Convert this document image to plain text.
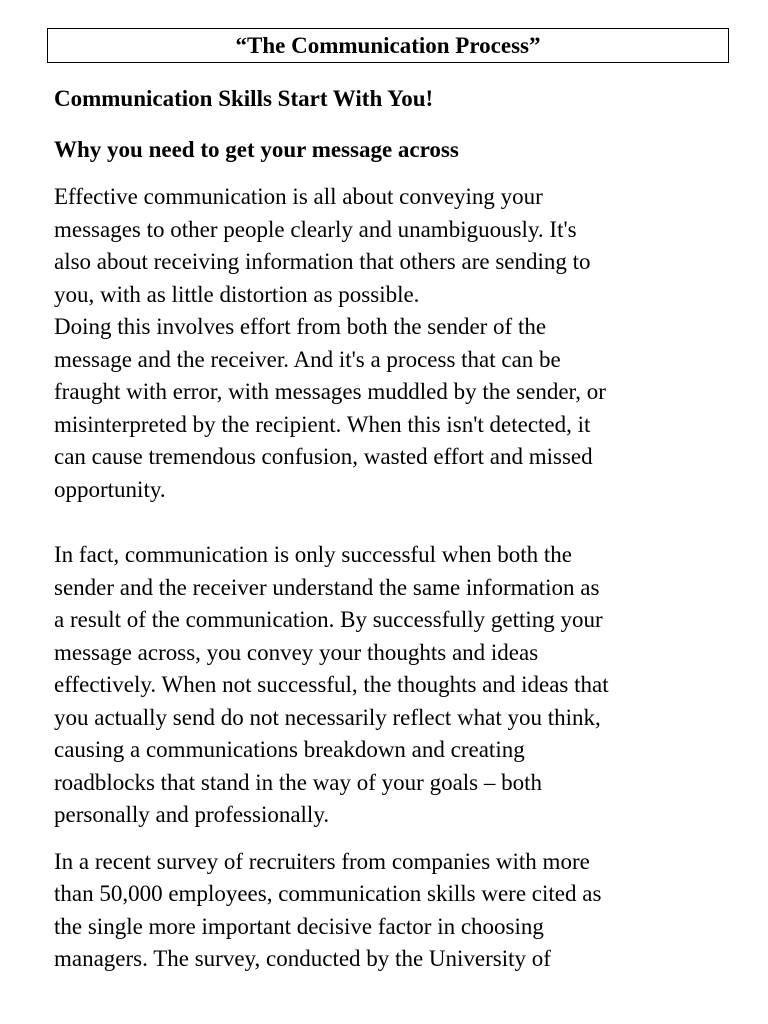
“The Communication Process”
Communication Skills Start With You!
Why you need to get your message across

Effective communication is all about conveying your
messages to other people clearly and unambiguously. It's
also about receiving information that others are sending to
you, with as little distortion as possible.

Doing this involves effort from both the sender of the
message and the receiver. And it's a process that can be
fraught with error, with messages muddled by the sender, or
misinterpreted by the recipient. When this isn't detected, it
can cause tremendous confusion, wasted effort and missed
opportunity.

In fact, communication is only successful when both the
sender and the receiver understand the same information as
a result of the communication. By successfully getting your
message across, you convey your thoughts and ideas
effectively. When not successful, the thoughts and ideas that
you actually send do not necessarily reflect what you think,
causing a communications breakdown and creating
roadblocks that stand in the way of your goals – both
personally and professionally.

In a recent survey of recruiters from companies with more
than 50,000 employees, communication skills were cited as
the single more important decisive factor in choosing
managers. The survey, conducted by the University of
